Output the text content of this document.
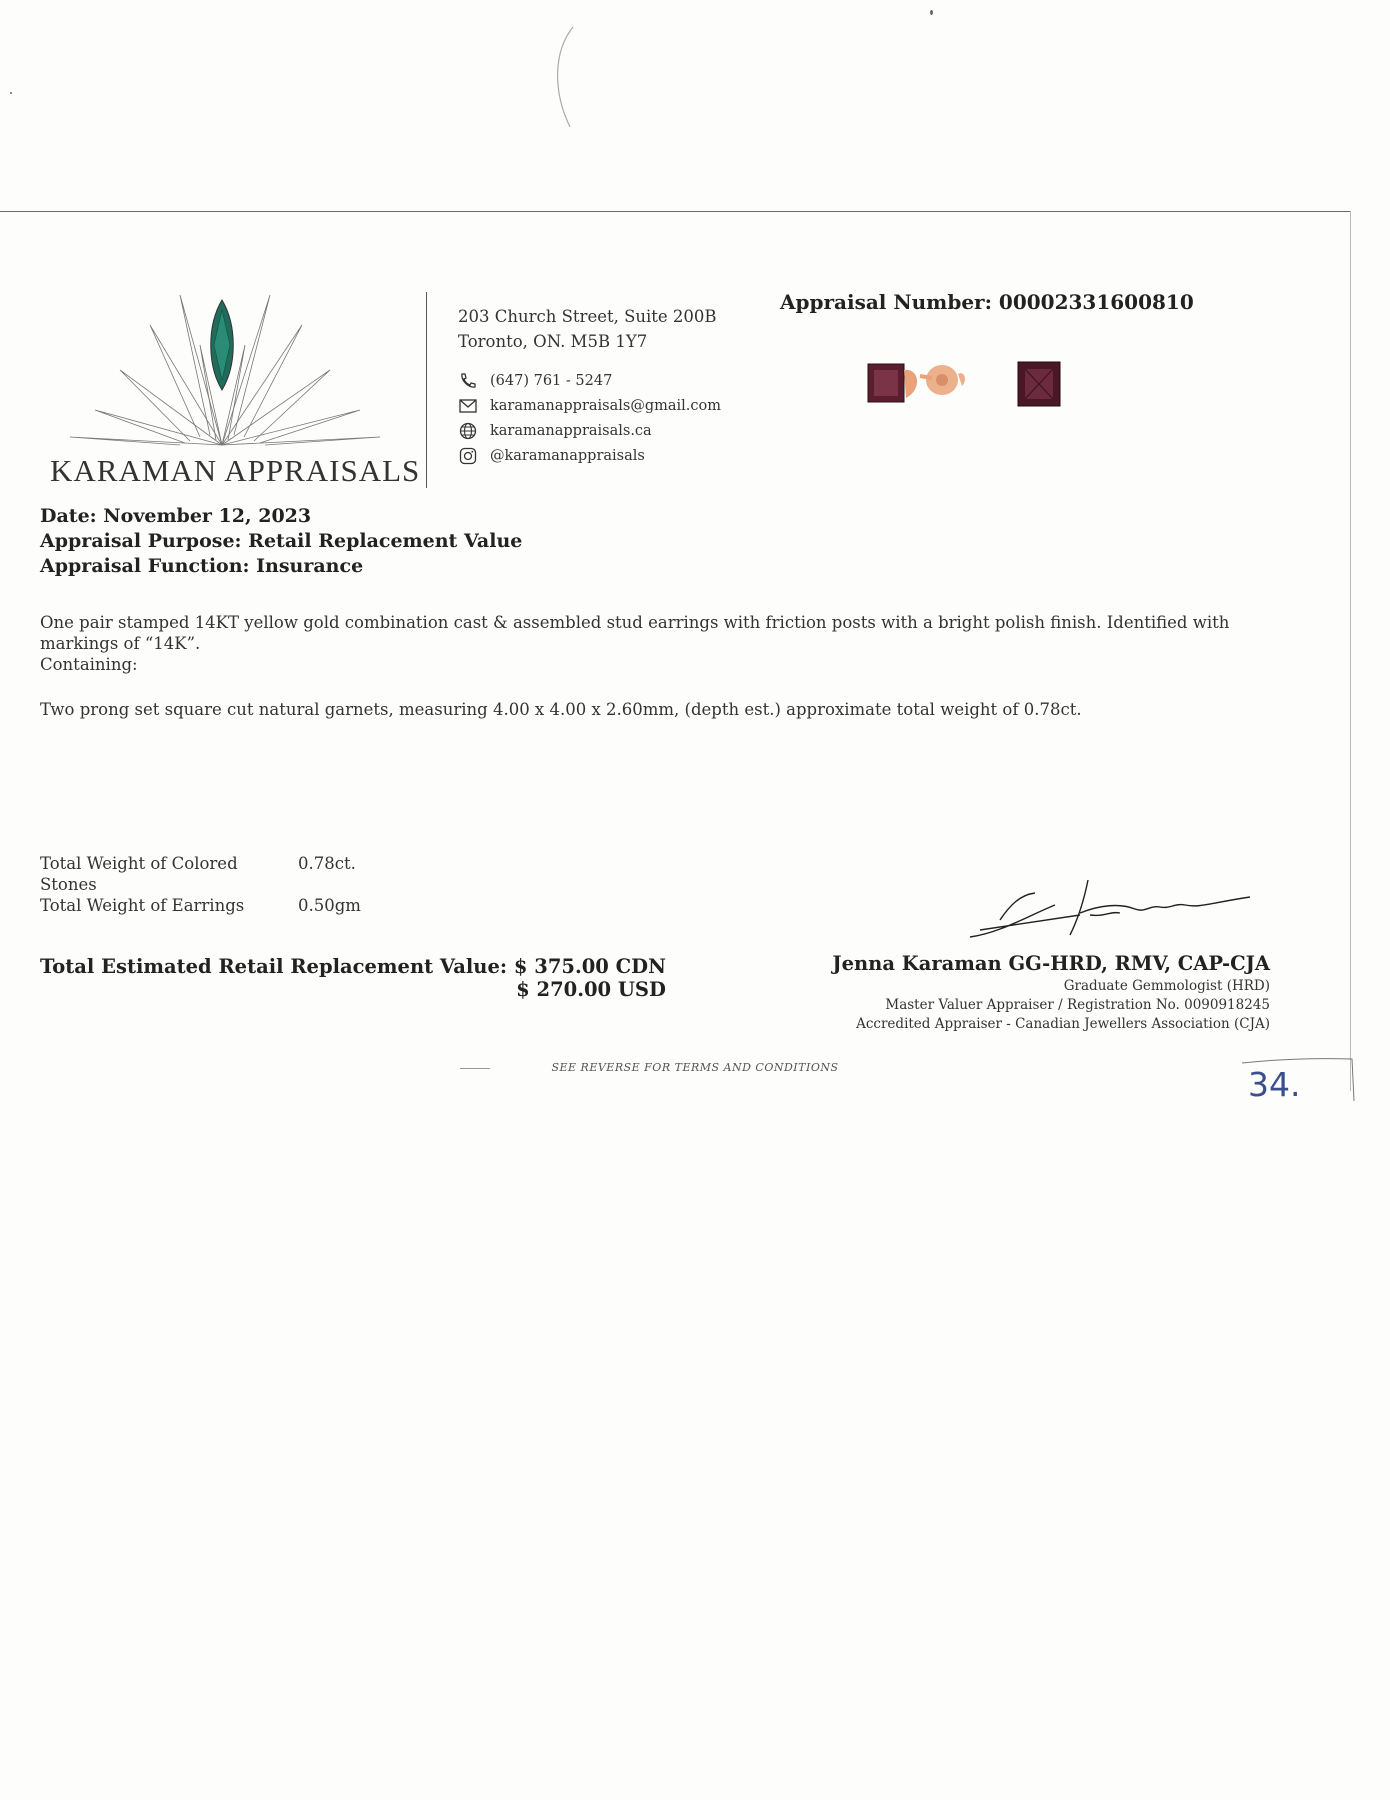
KARAMAN APPRAISALS
203 Church Street, Suite 200B
Toronto, ON. M5B 1Y7
(647) 761 - 5247
karamanappraisals@gmail.com
karamanappraisals.ca
@karamanappraisals
Appraisal Number: 00002331600810
Date: November 12, 2023
Appraisal Purpose: Retail Replacement Value
Appraisal Function: Insurance
One pair stamped 14KT yellow gold combination cast & assembled stud earrings with friction posts with a bright polish finish. Identified with markings of “14K”.
Containing:
Two prong set square cut natural garnets, measuring 4.00 x 4.00 x 2.60mm, (depth est.) approximate total weight of 0.78ct.
Total Weight of Colored Stones
0.78ct.
Total Weight of Earrings	0.50gm
Total Estimated Retail Replacement Value: $ 375.00 CDN
$ 270.00 USD
Jenna Karaman GG-HRD, RMV, CAP-CJA
Graduate Gemmologist (HRD)
Master Valuer Appraiser / Registration No. 0090918245
Accredited Appraiser - Canadian Jewellers Association (CJA)
SEE REVERSE FOR TERMS AND CONDITIONS	34.
